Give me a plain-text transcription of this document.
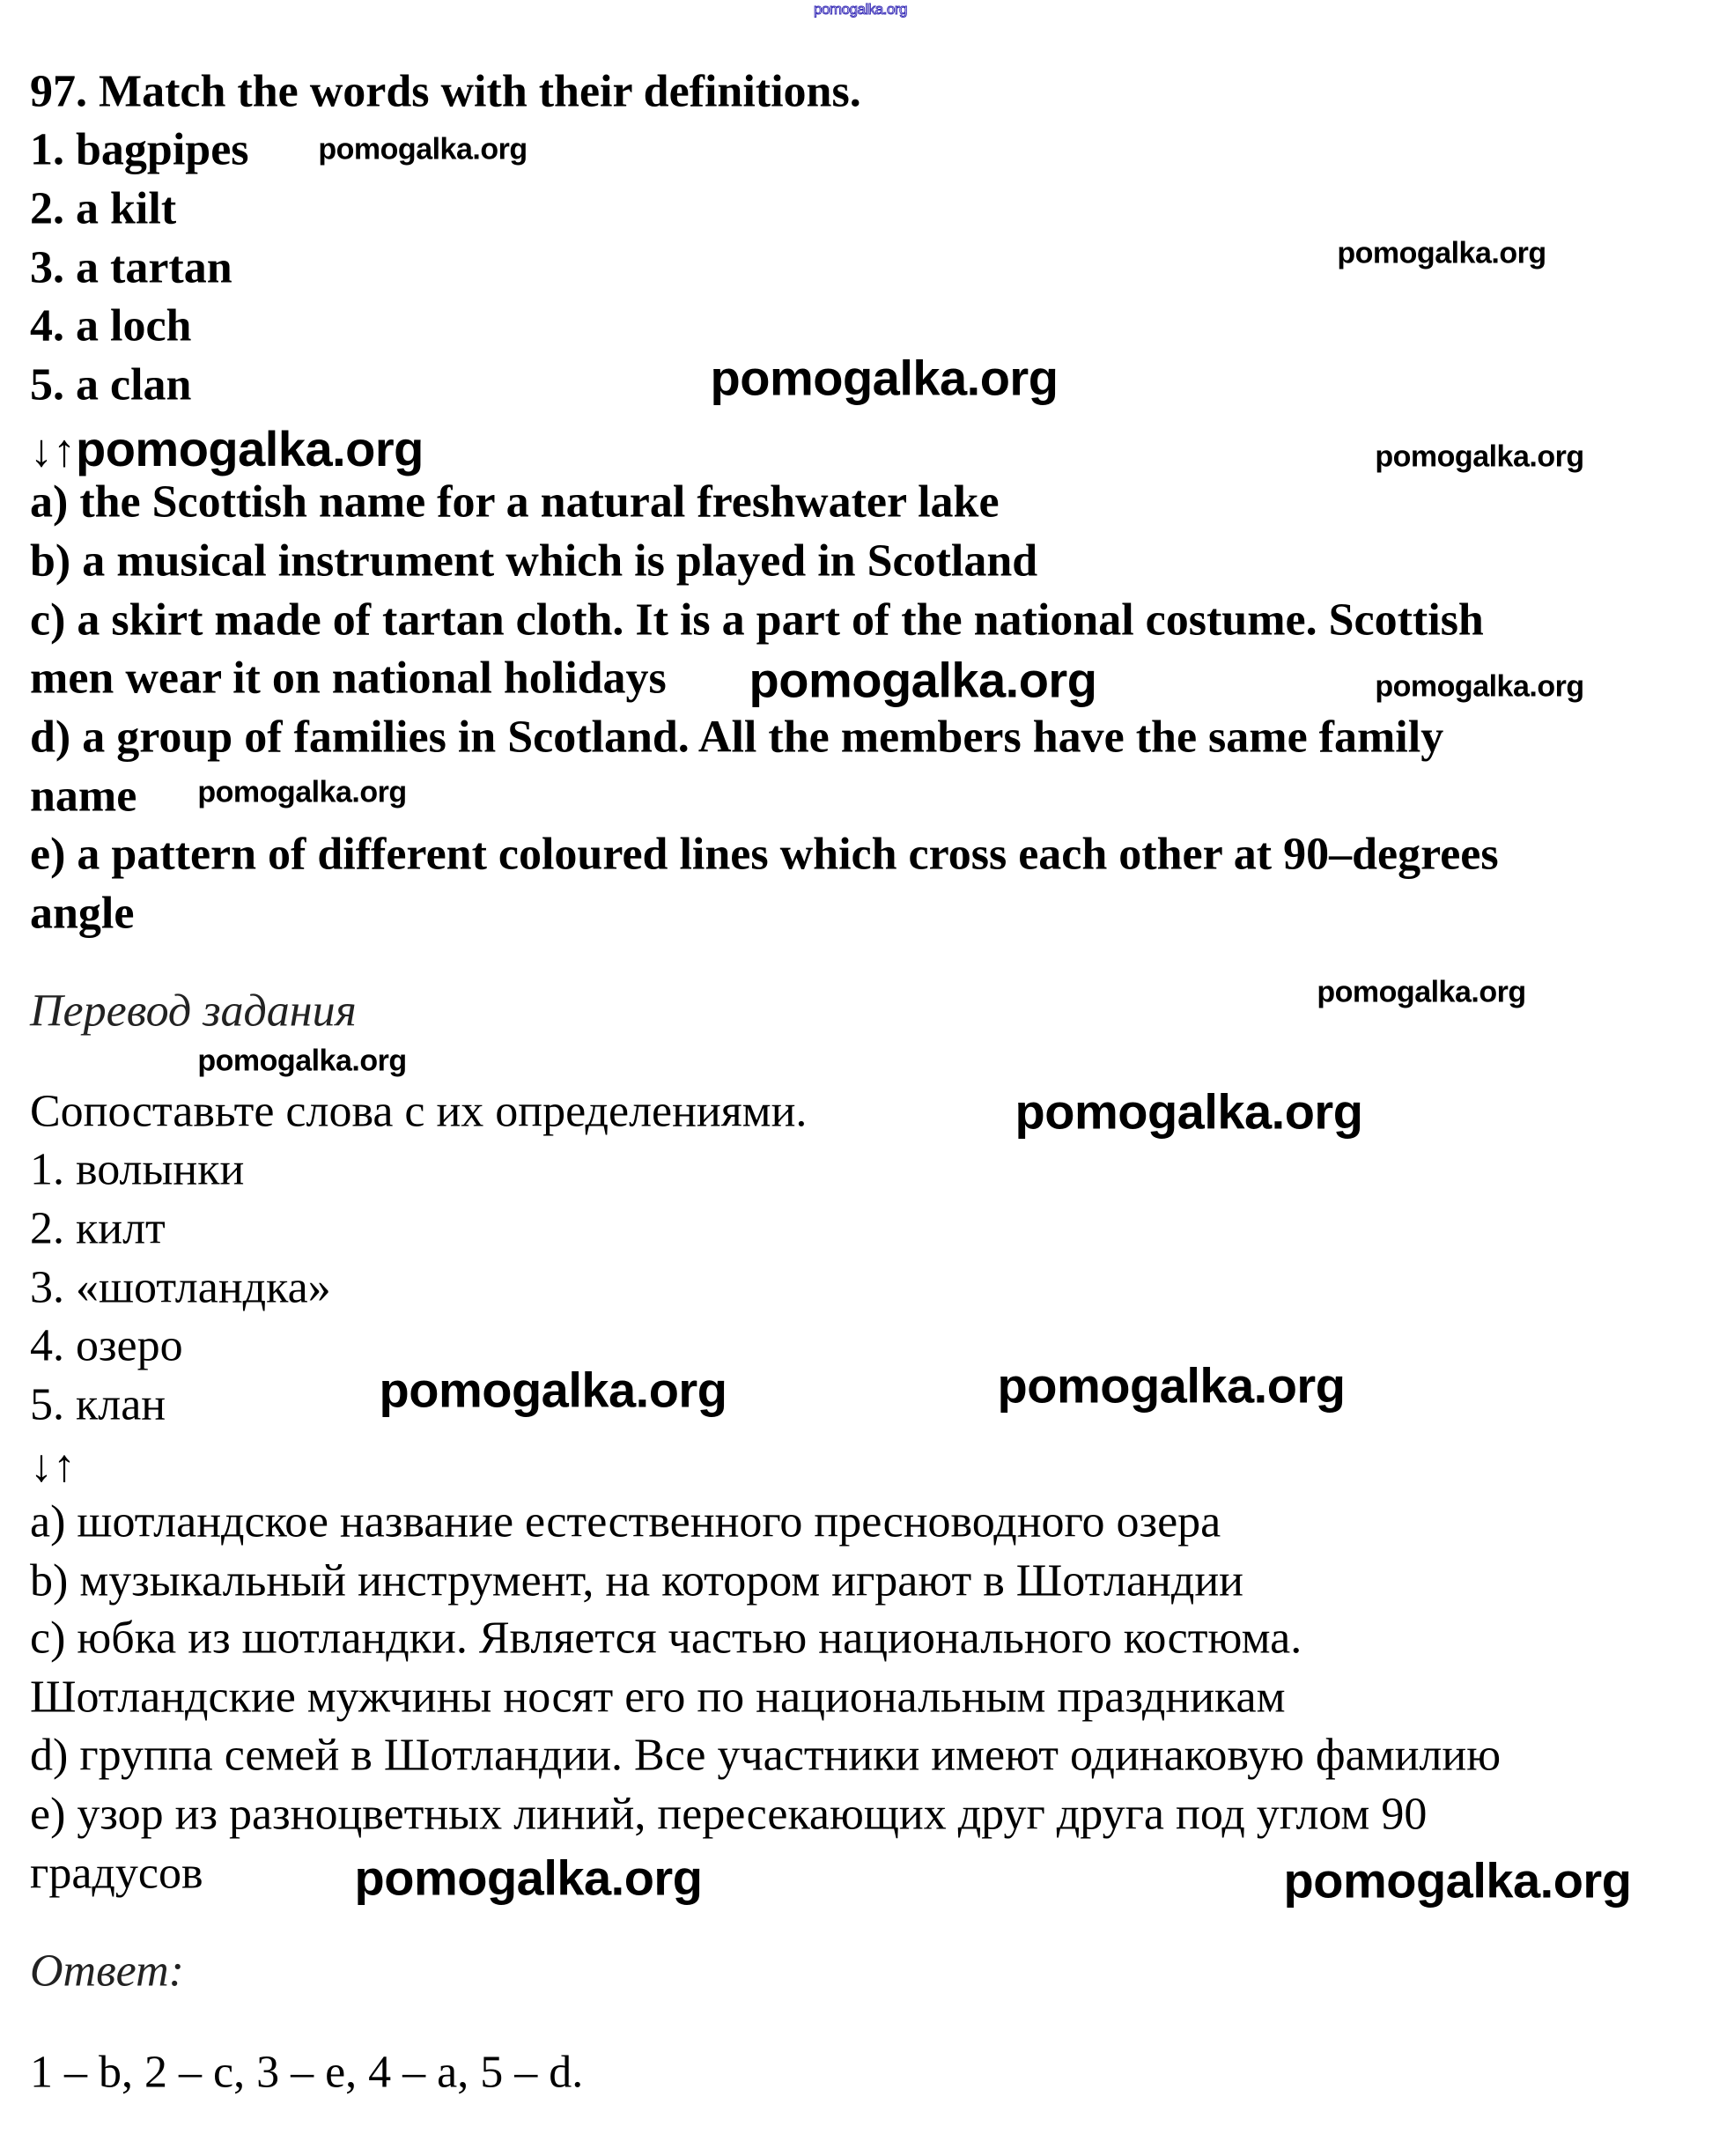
97. Match the words with their definitions.
1. bagpipes
2. a kilt
3. a tartan
4. a loch
5. a clan
↓↑pomogalka.org
a) the Scottish name for a natural freshwater lake
b) a musical instrument which is played in Scotland
c) a skirt made of tartan cloth. It is a part of the national costume. Scottish
men wear it on national holidays
d) a group of families in Scotland. All the members have the same family
name
e) a pattern of different coloured lines which cross each other at 90–degrees
angle
Перевод задания
Сопоставьте слова с их определениями.
1. волынки
2. килт
3. «шотландка»
4. озеро
5. клан
↓↑
a) шотландское название естественного пресноводного озера
b) музыкальный инструмент, на котором играют в Шотландии
c) юбка из шотландки. Является частью национального костюма.
Шотландские мужчины носят его по национальным праздникам
d) группа семей в Шотландии. Все участники имеют одинаковую фамилию
e) узор из разноцветных линий, пересекающих друг друга под углом 90
градусов
Ответ:
1 – b, 2 – c, 3 – e, 4 – a, 5 – d.
pomogalka.org
pomogalka.org
pomogalka.org
pomogalka.org
pomogalka.org
pomogalka.org	pomogalka.org
pomogalka.org
pomogalka.org
pomogalka.org
pomogalka.org
pomogalka.org	pomogalka.org
pomogalka.org	pomogalka.org
